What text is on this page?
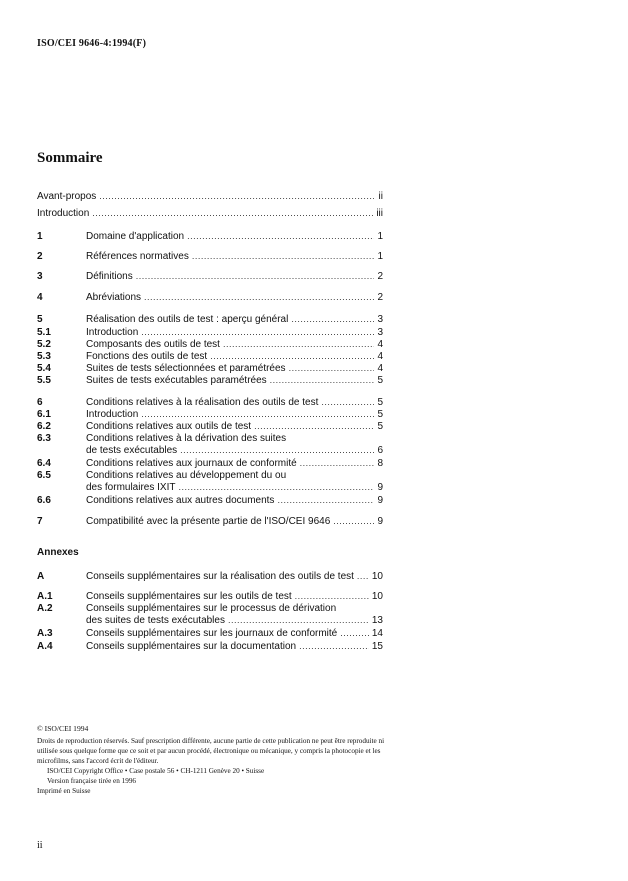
ISO/CEI 9646-4:1994(F)
Sommaire
Avant-propos .....	ii
Introduction .....	iii
1	Domaine d'application .....	1
2	Références normatives .....	1
3	Définitions .....	2
4	Abréviations .....	2
5	Réalisation des outils de test : aperçu général .....	3
5.1	Introduction .....	3
5.2	Composants des outils de test .....	4
5.3	Fonctions des outils de test .....	4
5.4	Suites de tests sélectionnées et paramétrées .....	4
5.5	Suites de tests exécutables paramétrées .....	5
6	Conditions relatives à la réalisation des outils de test .....	5
6.1	Introduction .....	5
6.2	Conditions relatives aux outils de test .....	5
6.3	Conditions relatives à la dérivation des suites
de tests exécutables .....	6
6.4	Conditions relatives aux journaux de conformité .....	8
6.5	Conditions relatives au développement du ou
des formulaires IXIT .....	9
6.6	Conditions relatives aux autres documents .....	9
7	Compatibilité avec la présente partie de l'ISO/CEI 9646 .....	9
Annexes
A	Conseils supplémentaires sur la réalisation des outils de test ..... 10
A.1	Conseils supplémentaires sur les outils de test .....	10
A.2	Conseils supplémentaires sur le processus de dérivation
des suites de tests exécutables .....	13
A.3	Conseils supplémentaires sur les journaux de conformité .....	14
A.4	Conseils supplémentaires sur la documentation .....	15

© ISO/CEI 1994

Droits de reproduction réservés. Sauf prescription différente, aucune partie de cette publication ne peut être reproduite ni utilisée sous quelque forme que ce soit et par aucun procédé, électronique ou mécanique, y compris la photocopie et les microfilms, sans l'accord écrit de l'éditeur.

ISO/CEI Copyright Office • Case postale 56 • CH-1211 Genève 20 • Suisse

Version française tirée en 1996

Imprimé en Suisse

ii
